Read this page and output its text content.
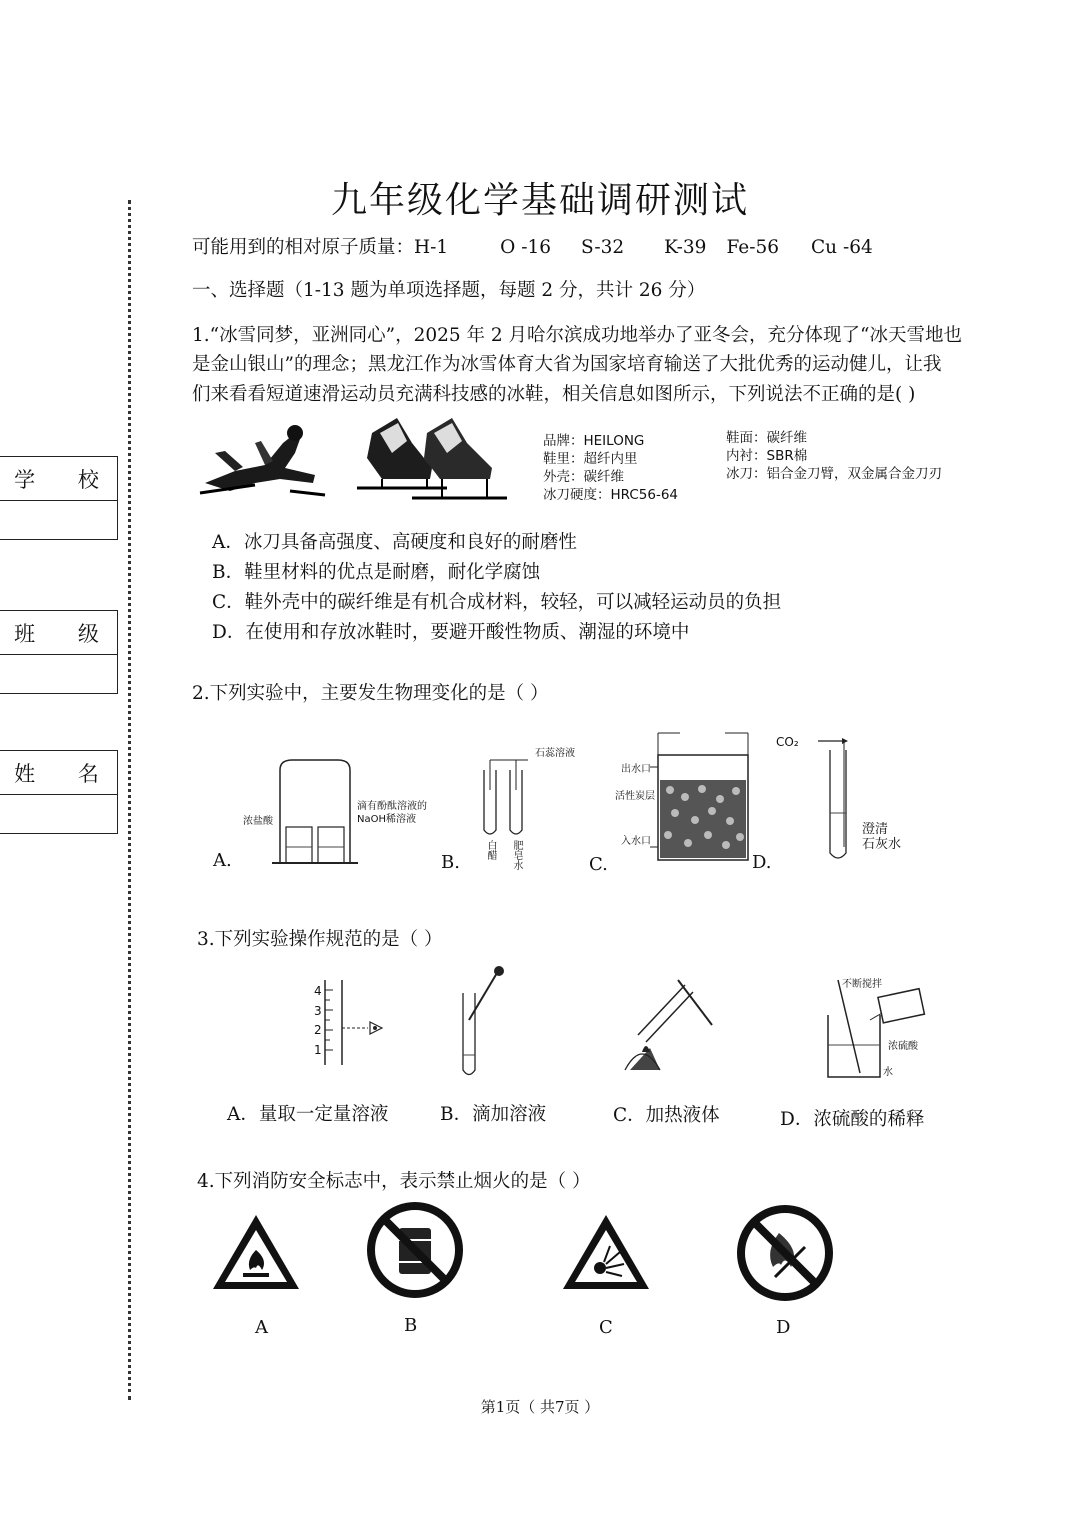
学 校
班 级
姓 名
九年级化学基础调研测试
可能用到的相对原子质量：H-1	O -16 S-32 K-39 Fe-56 Cu -64
一、选择题（1-13 题为单项选择题，每题 2 分，共计 26 分）
1.“冰雪同梦，亚洲同心”，2025 年 2 月哈尔滨成功地举办了亚冬会，充分体现了“冰天雪地也
是金山银山”的理念；黑龙江作为冰雪体育大省为国家培育输送了大批优秀的运动健儿，让我
们来看看短道速滑运动员充满科技感的冰鞋，相关信息如图所示，下列说法不正确的是( )
品牌：HEILONG
鞋里：超纤内里
外壳：碳纤维
冰刀硬度：HRC56-64
鞋面：碳纤维
内衬：SBR棉
冰刀：铝合金刀臂，双金属合金刀刃
A．冰刀具备高强度、高硬度和良好的耐磨性
B．鞋里材料的优点是耐磨，耐化学腐蚀
C．鞋外壳中的碳纤维是有机合成材料，较轻，可以减轻运动员的负担
D．在使用和存放冰鞋时，要避开酸性物质、潮湿的环境中
2.下列实验中，主要发生物理变化的是（ ）
浓盐酸
滴有酚酞溶液的
NaOH稀溶液
A.
石蕊溶液
白醋 肥皂水
B.
出水口
活性炭层
入水口
C.
CO₂
澄清
石灰水
D.
3.下列实验操作规范的是（ ）
4
3
2
1
不断搅拌
浓硫酸
水
A．量取一定量溶液	B．滴加溶液	C．加热液体	D．浓硫酸的稀释
4.下列消防安全标志中，表示禁止烟火的是（ ）
A	B	C	D
第1页（ 共7页 ）
